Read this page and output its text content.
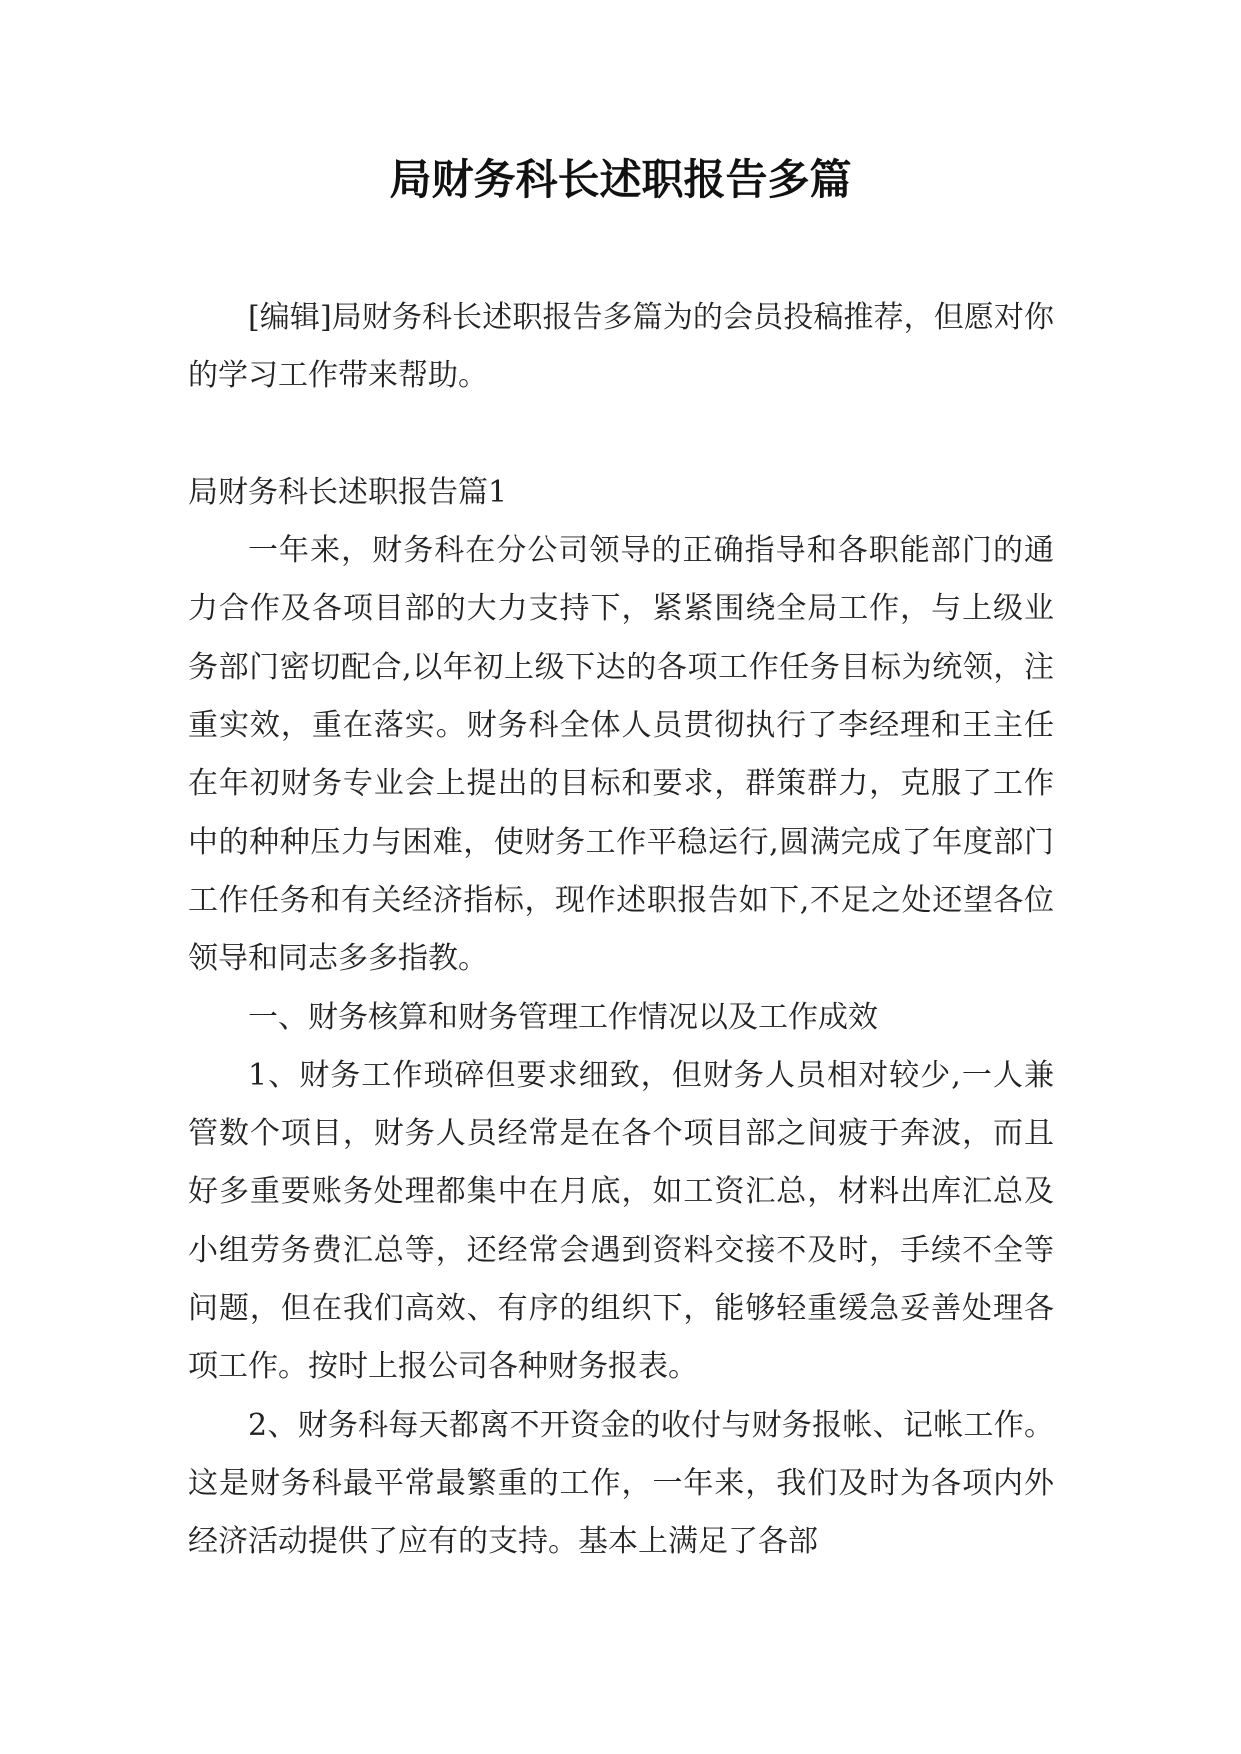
局财务科长述职报告多篇

[编辑]局财务科长述职报告多篇为的会员投稿推荐，但愿对你的学习工作带来帮助。

局财务科长述职报告篇1

一年来，财务科在分公司领导的正确指导和各职能部门的通力合作及各项目部的大力支持下，紧紧围绕全局工作，与上级业务部门密切配合,以年初上级下达的各项工作任务目标为统领，注重实效，重在落实。财务科全体人员贯彻执行了李经理和王主任在年初财务专业会上提出的目标和要求，群策群力，克服了工作中的种种压力与困难，使财务工作平稳运行,圆满完成了年度部门工作任务和有关经济指标，现作述职报告如下,不足之处还望各位领导和同志多多指教。

一、财务核算和财务管理工作情况以及工作成效

1、财务工作琐碎但要求细致，但财务人员相对较少,一人兼管数个项目，财务人员经常是在各个项目部之间疲于奔波，而且好多重要账务处理都集中在月底，如工资汇总，材料出库汇总及小组劳务费汇总等，还经常会遇到资料交接不及时，手续不全等问题，但在我们高效、有序的组织下，能够轻重缓急妥善处理各项工作。按时上报公司各种财务报表。

2、财务科每天都离不开资金的收付与财务报帐、记帐工作。这是财务科最平常最繁重的工作，一年来，我们及时为各项内外经济活动提供了应有的支持。基本上满足了各部
